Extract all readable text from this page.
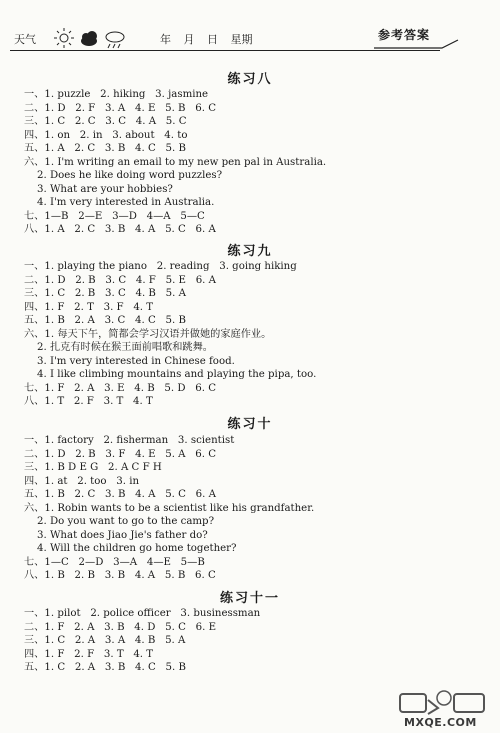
天气	年 月 日 星期	参考答案
练习八
一、1. puzzle   2. hiking   3. jasmine
二、1. D   2. F   3. A   4. E   5. B   6. C
三、1. C   2. C   3. C   4. A   5. C
四、1. on   2. in   3. about   4. to
五、1. A   2. C   3. B   4. C   5. B
六、1. I'm writing an email to my new pen pal in Australia.
2. Does he like doing word puzzles?
3. What are your hobbies?
4. I'm very interested in Australia.
七、1—B   2—E   3—D   4—A   5—C
八、1. A   2. C   3. B   4. A   5. C   6. A
练习九
一、1. playing the piano   2. reading   3. going hiking
二、1. D   2. B   3. C   4. F   5. E   6. A
三、1. C   2. B   3. C   4. B   5. A
四、1. F   2. T   3. F   4. T
五、1. B   2. A   3. C   4. C   5. B
六、1. 每天下午，简都会学习汉语并做她的家庭作业。
2. 扎克有时候在猴王面前唱歌和跳舞。
3. I'm very interested in Chinese food.
4. I like climbing mountains and playing the pipa, too.
七、1. F   2. A   3. E   4. B   5. D   6. C
八、1. T   2. F   3. T   4. T
练习十
一、1. factory   2. fisherman   3. scientist
二、1. D   2. B   3. F   4. E   5. A   6. C
三、1. B D E G   2. A C F H
四、1. at   2. too   3. in
五、1. B   2. C   3. B   4. A   5. C   6. A
六、1. Robin wants to be a scientist like his grandfather.
2. Do you want to go to the camp?
3. What does Jiao Jie's father do?
4. Will the children go home together?
七、1—C   2—D   3—A   4—E   5—B
八、1. B   2. B   3. B   4. A   5. B   6. C
练习十一
一、1. pilot   2. police officer   3. businessman
二、1. F   2. A   3. B   4. D   5. C   6. E
三、1. C   2. A   3. A   4. B   5. A
四、1. F   2. F   3. T   4. T
五、1. C   2. A   3. B   4. C   5. B
MXQE.COM
